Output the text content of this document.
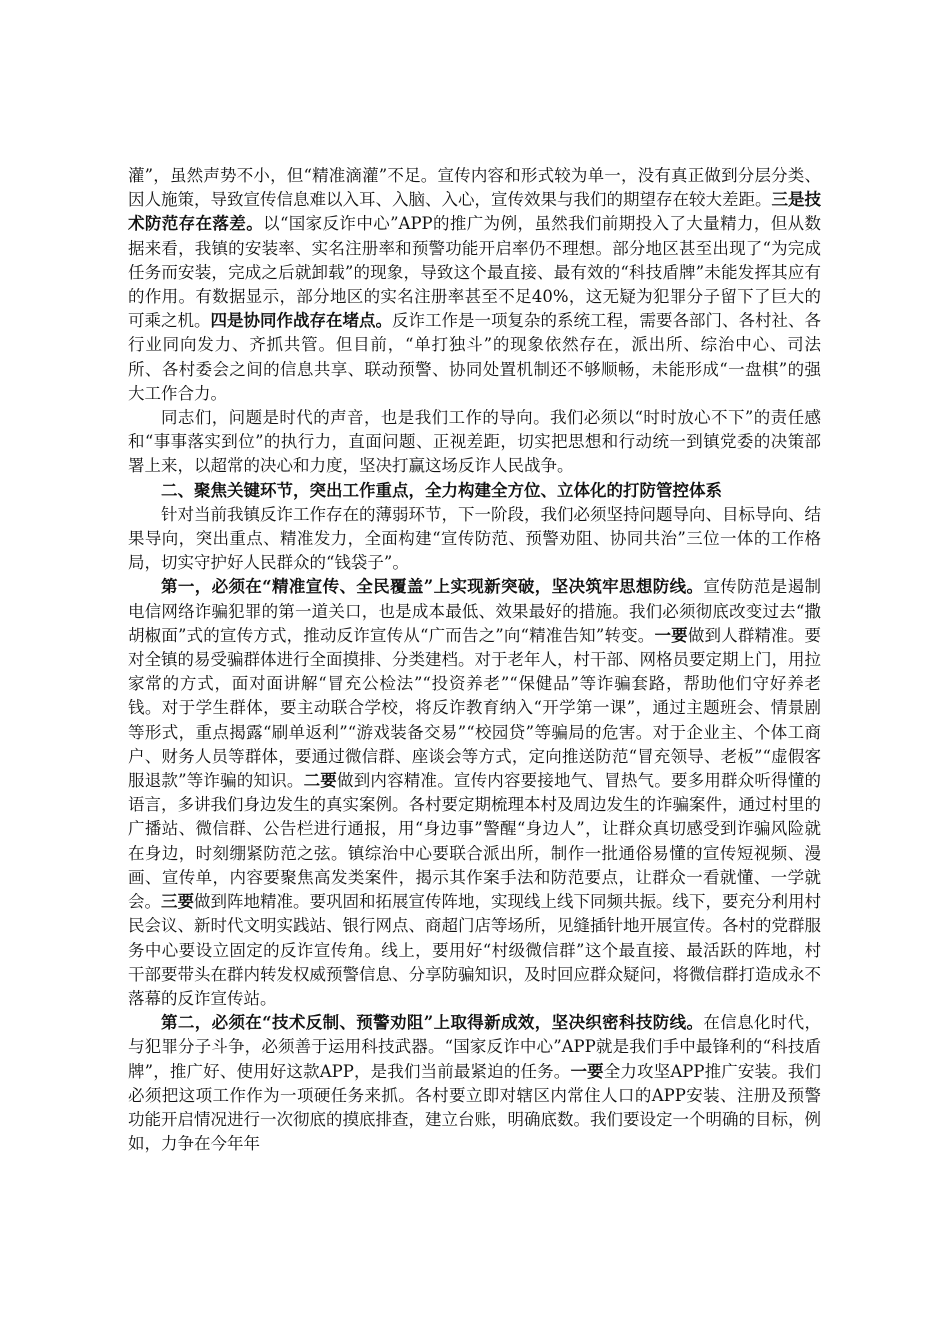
灌”，虽然声势不小，但“精准滴灌”不足。宣传内容和形式较为单一，没有真正做到分层分类、因人施策，导致宣传信息难以入耳、入脑、入心，宣传效果与我们的期望存在较大差距。三是技术防范存在落差。以“国家反诈中心”APP的推广为例，虽然我们前期投入了大量精力，但从数据来看，我镇的安装率、实名注册率和预警功能开启率仍不理想。部分地区甚至出现了“为完成任务而安装，完成之后就卸载”的现象，导致这个最直接、最有效的“科技盾牌”未能发挥其应有的作用。有数据显示，部分地区的实名注册率甚至不足40%，这无疑为犯罪分子留下了巨大的可乘之机。四是协同作战存在堵点。反诈工作是一项复杂的系统工程，需要各部门、各村社、各行业同向发力、齐抓共管。但目前，“单打独斗”的现象依然存在，派出所、综治中心、司法所、各村委会之间的信息共享、联动预警、协同处置机制还不够顺畅，未能形成“一盘棋”的强大工作合力。

同志们，问题是时代的声音，也是我们工作的导向。我们必须以“时时放心不下”的责任感和“事事落实到位”的执行力，直面问题、正视差距，切实把思想和行动统一到镇党委的决策部署上来，以超常的决心和力度，坚决打赢这场反诈人民战争。

二、聚焦关键环节，突出工作重点，全力构建全方位、立体化的打防管控体系

针对当前我镇反诈工作存在的薄弱环节，下一阶段，我们必须坚持问题导向、目标导向、结果导向，突出重点、精准发力，全面构建“宣传防范、预警劝阻、协同共治”三位一体的工作格局，切实守护好人民群众的“钱袋子”。

第一，必须在“精准宣传、全民覆盖”上实现新突破，坚决筑牢思想防线。宣传防范是遏制电信网络诈骗犯罪的第一道关口，也是成本最低、效果最好的措施。我们必须彻底改变过去“撒胡椒面”式的宣传方式，推动反诈宣传从“广而告之”向“精准告知”转变。一要做到人群精准。要对全镇的易受骗群体进行全面摸排、分类建档。对于老年人，村干部、网格员要定期上门，用拉家常的方式，面对面讲解“冒充公检法”“投资养老”“保健品”等诈骗套路，帮助他们守好养老钱。对于学生群体，要主动联合学校，将反诈教育纳入“开学第一课”，通过主题班会、情景剧等形式，重点揭露“刷单返利”“游戏装备交易”“校园贷”等骗局的危害。对于企业主、个体工商户、财务人员等群体，要通过微信群、座谈会等方式，定向推送防范“冒充领导、老板”“虚假客服退款”等诈骗的知识。二要做到内容精准。宣传内容要接地气、冒热气。要多用群众听得懂的语言，多讲我们身边发生的真实案例。各村要定期梳理本村及周边发生的诈骗案件，通过村里的广播站、微信群、公告栏进行通报，用“身边事”警醒“身边人”，让群众真切感受到诈骗风险就在身边，时刻绷紧防范之弦。镇综治中心要联合派出所，制作一批通俗易懂的宣传短视频、漫画、宣传单，内容要聚焦高发类案件，揭示其作案手法和防范要点，让群众一看就懂、一学就会。三要做到阵地精准。要巩固和拓展宣传阵地，实现线上线下同频共振。线下，要充分利用村民会议、新时代文明实践站、银行网点、商超门店等场所，见缝插针地开展宣传。各村的党群服务中心要设立固定的反诈宣传角。线上，要用好“村级微信群”这个最直接、最活跃的阵地，村干部要带头在群内转发权威预警信息、分享防骗知识，及时回应群众疑问，将微信群打造成永不落幕的反诈宣传站。

第二，必须在“技术反制、预警劝阻”上取得新成效，坚决织密科技防线。在信息化时代，与犯罪分子斗争，必须善于运用科技武器。“国家反诈中心”APP就是我们手中最锋利的“科技盾牌”，推广好、使用好这款APP，是我们当前最紧迫的任务。一要全力攻坚APP推广安装。我们必须把这项工作作为一项硬任务来抓。各村要立即对辖区内常住人口的APP安装、注册及预警功能开启情况进行一次彻底的摸底排查，建立台账，明确底数。我们要设定一个明确的目标，例如，力争在今年年
